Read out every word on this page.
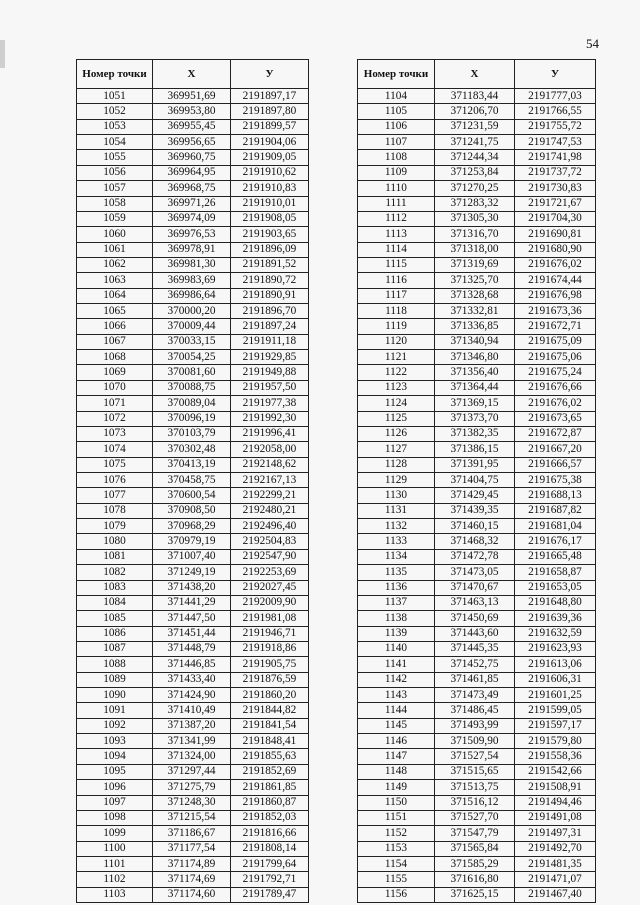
54
Номер точки	X	У
1051	369951,69	2191897,17
1052	369953,80	2191897,80
1053	369955,45	2191899,57
1054	369956,65	2191904,06
1055	369960,75	2191909,05
1056	369964,95	2191910,62
1057	369968,75	2191910,83
1058	369971,26	2191910,01
1059	369974,09	2191908,05
1060	369976,53	2191903,65
1061	369978,91	2191896,09
1062	369981,30	2191891,52
1063	369983,69	2191890,72
1064	369986,64	2191890,91
1065	370000,20	2191896,70
1066	370009,44	2191897,24
1067	370033,15	2191911,18
1068	370054,25	2191929,85
1069	370081,60	2191949,88
1070	370088,75	2191957,50
1071	370089,04	2191977,38
1072	370096,19	2191992,30
1073	370103,79	2191996,41
1074	370302,48	2192058,00
1075	370413,19	2192148,62
1076	370458,75	2192167,13
1077	370600,54	2192299,21
1078	370908,50	2192480,21
1079	370968,29	2192496,40
1080	370979,19	2192504,83
1081	371007,40	2192547,90
1082	371249,19	2192253,69
1083	371438,20	2192027,45
1084	371441,29	2192009,90
1085	371447,50	2191981,08
1086	371451,44	2191946,71
1087	371448,79	2191918,86
1088	371446,85	2191905,75
1089	371433,40	2191876,59
1090	371424,90	2191860,20
1091	371410,49	2191844,82
1092	371387,20	2191841,54
1093	371341,99	2191848,41
1094	371324,00	2191855,63
1095	371297,44	2191852,69
1096	371275,79	2191861,85
1097	371248,30	2191860,87
1098	371215,54	2191852,03
1099	371186,67	2191816,66
1100	371177,54	2191808,14
1101	371174,89	2191799,64
1102	371174,69	2191792,71
1103	371174,60	2191789,47
Номер точки	X	У
1104	371183,44	2191777,03
1105	371206,70	2191766,55
1106	371231,59	2191755,72
1107	371241,75	2191747,53
1108	371244,34	2191741,98
1109	371253,84	2191737,72
1110	371270,25	2191730,83
1111	371283,32	2191721,67
1112	371305,30	2191704,30
1113	371316,70	2191690,81
1114	371318,00	2191680,90
1115	371319,69	2191676,02
1116	371325,70	2191674,44
1117	371328,68	2191676,98
1118	371332,81	2191673,36
1119	371336,85	2191672,71
1120	371340,94	2191675,09
1121	371346,80	2191675,06
1122	371356,40	2191675,24
1123	371364,44	2191676,66
1124	371369,15	2191676,02
1125	371373,70	2191673,65
1126	371382,35	2191672,87
1127	371386,15	2191667,20
1128	371391,95	2191666,57
1129	371404,75	2191675,38
1130	371429,45	2191688,13
1131	371439,35	2191687,82
1132	371460,15	2191681,04
1133	371468,32	2191676,17
1134	371472,78	2191665,48
1135	371473,05	2191658,87
1136	371470,67	2191653,05
1137	371463,13	2191648,80
1138	371450,69	2191639,36
1139	371443,60	2191632,59
1140	371445,35	2191623,93
1141	371452,75	2191613,06
1142	371461,85	2191606,31
1143	371473,49	2191601,25
1144	371486,45	2191599,05
1145	371493,99	2191597,17
1146	371509,90	2191579,80
1147	371527,54	2191558,36
1148	371515,65	2191542,66
1149	371513,75	2191508,91
1150	371516,12	2191494,46
1151	371527,70	2191491,08
1152	371547,79	2191497,31
1153	371565,84	2191492,70
1154	371585,29	2191481,35
1155	371616,80	2191471,07
1156	371625,15	2191467,40
